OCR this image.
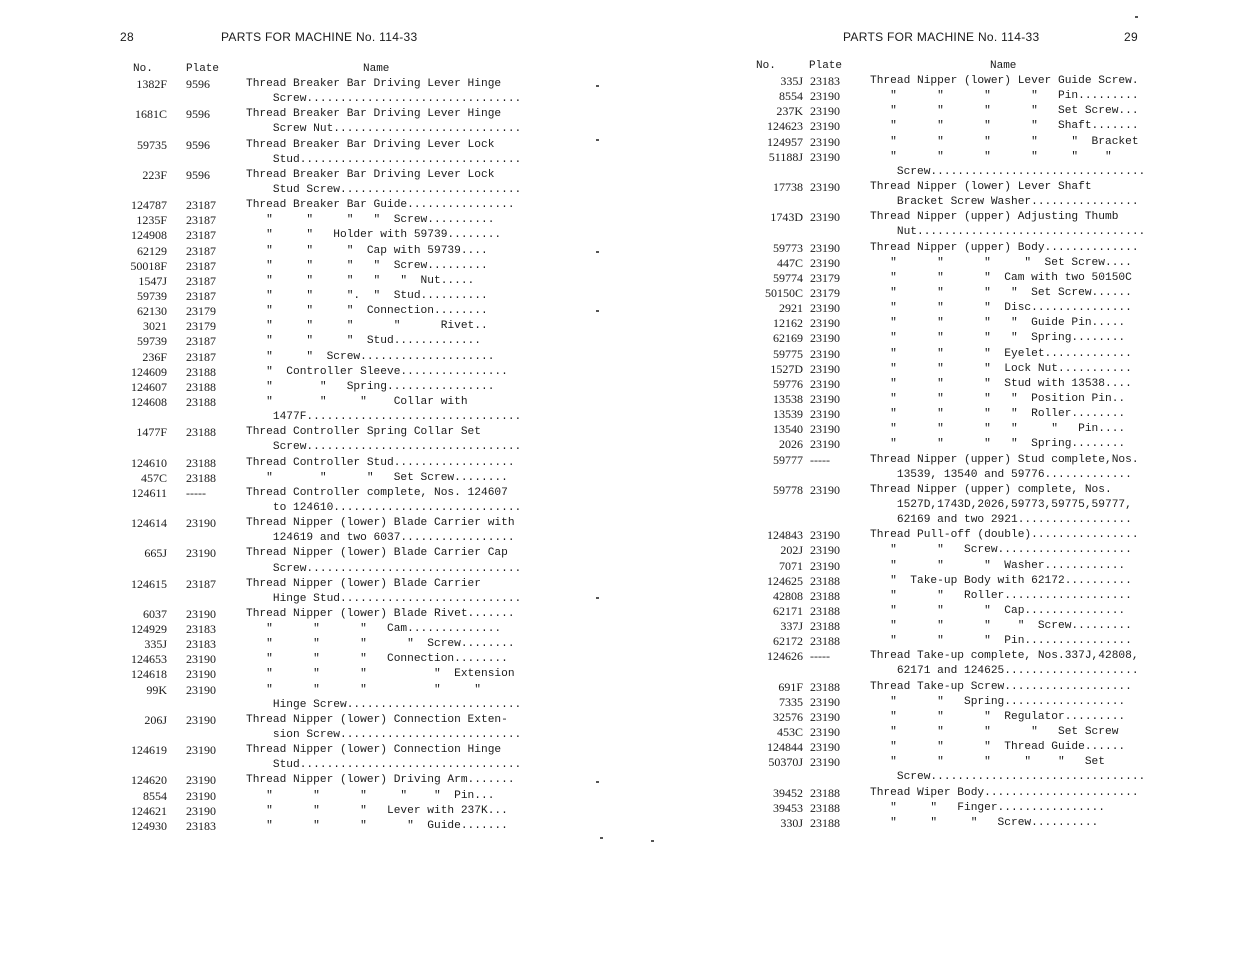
28	PARTS FOR MACHINE No. 114-33
No.	Plate	Name
1382F 9596	Thread Breaker Bar Driving Lever Hinge
Screw................................
1681C 9596	Thread Breaker Bar Driving Lever Hinge
Screw Nut............................
59735 9596	Thread Breaker Bar Driving Lever Lock
Stud.................................
223F 9596	Thread Breaker Bar Driving Lever Lock
Stud Screw...........................
124787 23187	Thread Breaker Bar Guide................
1235F 23187	"     "     "   "  Screw..........
124908 23187	"     "   Holder with 59739........
62129 23187	"     "     "  Cap with 59739....
50018F 23187	"     "     "   "  Screw.........
1547J 23187	"     "     "   "   "  Nut.....
59739 23187	"     "     ".  "  Stud..........
62130 23179	"     "     "  Connection........
3021 23179	"     "     "      "      Rivet..
59739 23187	"     "     "  Stud.............
236F 23187	"     "  Screw....................
124609 23188	"  Controller Sleeve................
124607 23188	"       "   Spring................
124608 23188	"       "     "    Collar with
1477F................................
1477F 23188	Thread Controller Spring Collar Set
Screw................................
124610 23188	Thread Controller Stud..................
457C 23188	"       "      "   Set Screw........
124611 -----	Thread Controller complete, Nos. 124607
to 124610............................
124614 23190	Thread Nipper (lower) Blade Carrier with
124619 and two 6037.................
665J 23190	Thread Nipper (lower) Blade Carrier Cap
Screw................................
124615 23187	Thread Nipper (lower) Blade Carrier
Hinge Stud...........................
6037 23190	Thread Nipper (lower) Blade Rivet.......
124929 23183	"      "      "   Cam..............
335J 23183	"      "      "      "  Screw........
124653 23190	"      "      "   Connection........
124618 23190	"      "      "          "  Extension
99K 23190	"      "      "          "     "
Hinge Screw..........................
206J 23190	Thread Nipper (lower) Connection Exten-
sion Screw...........................
124619 23190	Thread Nipper (lower) Connection Hinge
Stud.................................
124620 23190	Thread Nipper (lower) Driving Arm.......
8554 23190	"      "      "     "    "  Pin...
124621 23190	"      "      "   Lever with 237K...
124930 23183	"      "      "      "  Guide.......
PARTS FOR MACHINE No. 114-33	29
No.	Plate	Name
335J 23183	Thread Nipper (lower) Lever Guide Screw.
8554 23190	"      "      "      "   Pin.........
237K 23190	"      "      "      "   Set Screw...
124623 23190	"      "      "      "   Shaft.......
124957 23190	"      "      "      "     "  Bracket
51188J 23190	"      "      "      "     "    "
Screw................................
17738 23190	Thread Nipper (lower) Lever Shaft
Bracket Screw Washer................
1743D 23190	Thread Nipper (upper) Adjusting Thumb
Nut..................................
59773 23190	Thread Nipper (upper) Body..............
447C 23190	"      "      "     "  Set Screw....
59774 23179	"      "      "  Cam with two 50150C
50150C 23179	"      "      "   "  Set Screw......
2921 23190	"      "      "  Disc...............
12162 23190	"      "      "   "  Guide Pin.....
62169 23190	"      "      "   "  Spring........
59775 23190	"      "      "  Eyelet.............
1527D 23190	"      "      "  Lock Nut...........
59776 23190	"      "      "  Stud with 13538....
13538 23190	"      "      "   "  Position Pin..
13539 23190	"      "      "   "  Roller........
13540 23190	"      "      "   "     "   Pin....
2026 23190	"      "      "   "  Spring........
59777 -----	Thread Nipper (upper) Stud complete,Nos.
13539, 13540 and 59776.............
59778 23190	Thread Nipper (upper) complete, Nos.
1527D,1743D,2026,59773,59775,59777,
62169 and two 2921.................
124843 23190	Thread Pull-off (double)................
202J 23190	"      "   Screw....................
7071 23190	"      "      "  Washer............
124625 23188	"  Take-up Body with 62172..........
42808 23188	"      "   Roller...................
62171 23188	"      "      "  Cap...............
337J 23188	"      "      "    "  Screw.........
62172 23188	"      "      "  Pin................
124626 -----	Thread Take-up complete, Nos.337J,42808,
62171 and 124625....................
691F 23188	Thread Take-up Screw...................
7335 23190	"      "   Spring..................
32576 23190	"      "      "  Regulator.........
453C 23190	"      "      "      "   Set Screw
124844 23190	"      "      "  Thread Guide......
50370J 23190	"      "      "     "    "   Set
Screw................................
39452 23188	Thread Wiper Body.......................
39453 23188	"     "   Finger................
330J 23188	"     "     "   Screw..........
